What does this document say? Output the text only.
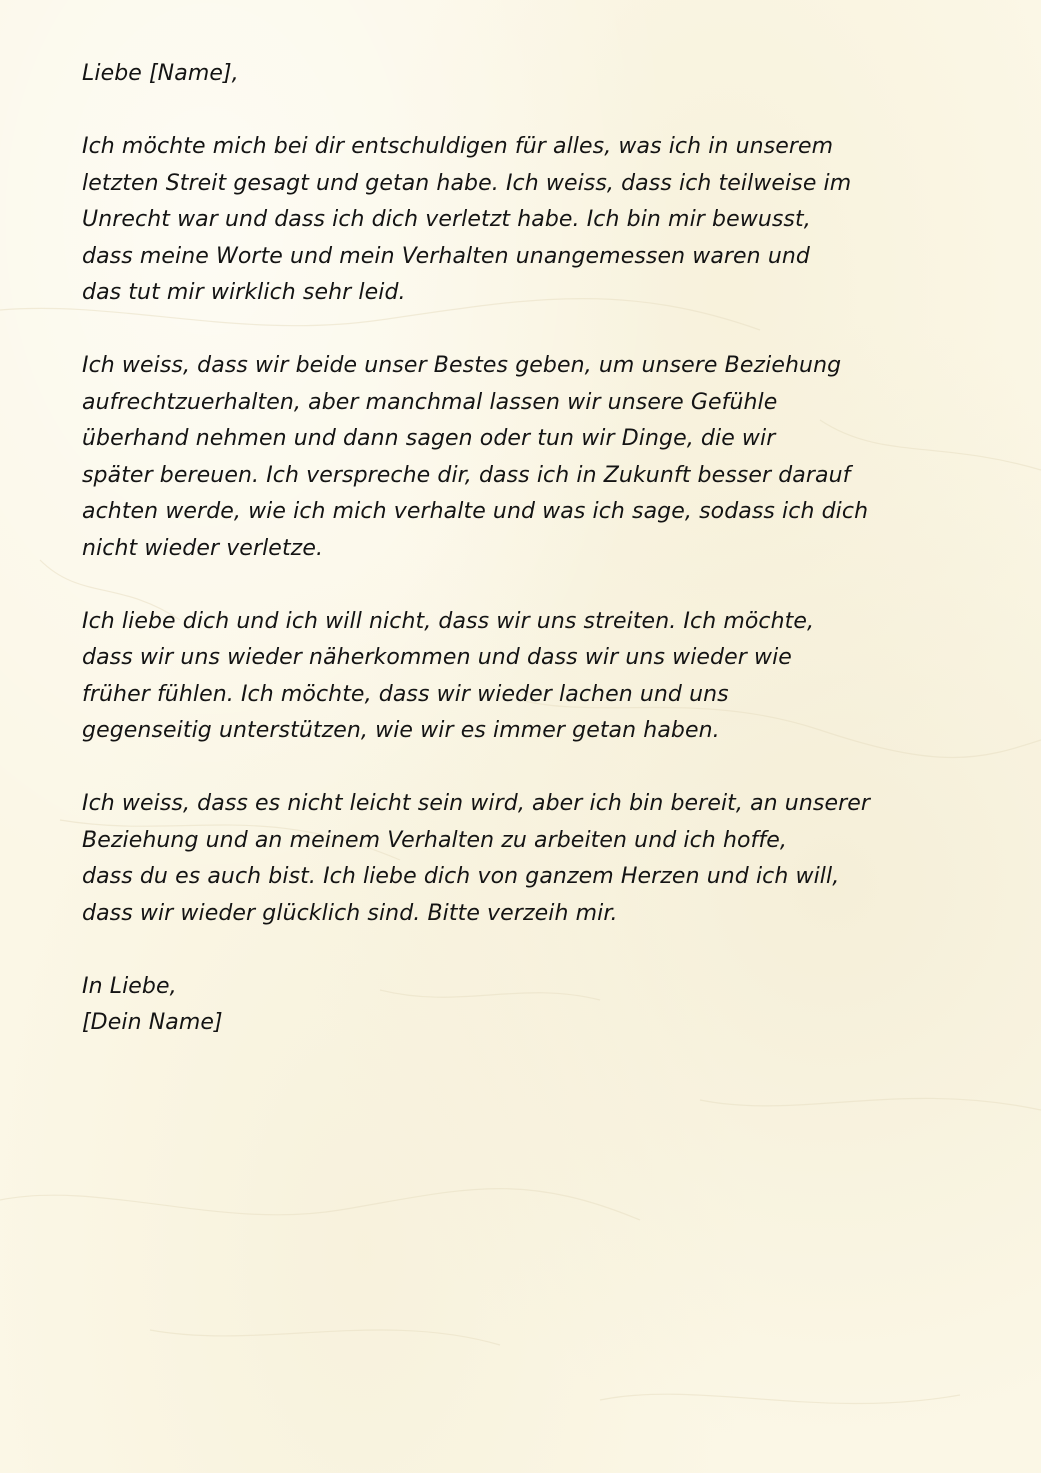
Liebe [Name],

Ich möchte mich bei dir entschuldigen für alles, was ich in unserem
letzten Streit gesagt und getan habe. Ich weiss, dass ich teilweise im
Unrecht war und dass ich dich verletzt habe. Ich bin mir bewusst,
dass meine Worte und mein Verhalten unangemessen waren und
das tut mir wirklich sehr leid.

Ich weiss, dass wir beide unser Bestes geben, um unsere Beziehung
aufrechtzuerhalten, aber manchmal lassen wir unsere Gefühle
überhand nehmen und dann sagen oder tun wir Dinge, die wir
später bereuen. Ich verspreche dir, dass ich in Zukunft besser darauf
achten werde, wie ich mich verhalte und was ich sage, sodass ich dich
nicht wieder verletze.

Ich liebe dich und ich will nicht, dass wir uns streiten. Ich möchte,
dass wir uns wieder näherkommen und dass wir uns wieder wie
früher fühlen. Ich möchte, dass wir wieder lachen und uns
gegenseitig unterstützen, wie wir es immer getan haben.

Ich weiss, dass es nicht leicht sein wird, aber ich bin bereit, an unserer
Beziehung und an meinem Verhalten zu arbeiten und ich hoffe,
dass du es auch bist. Ich liebe dich von ganzem Herzen und ich will,
dass wir wieder glücklich sind. Bitte verzeih mir.

In Liebe,

[Dein Name]
